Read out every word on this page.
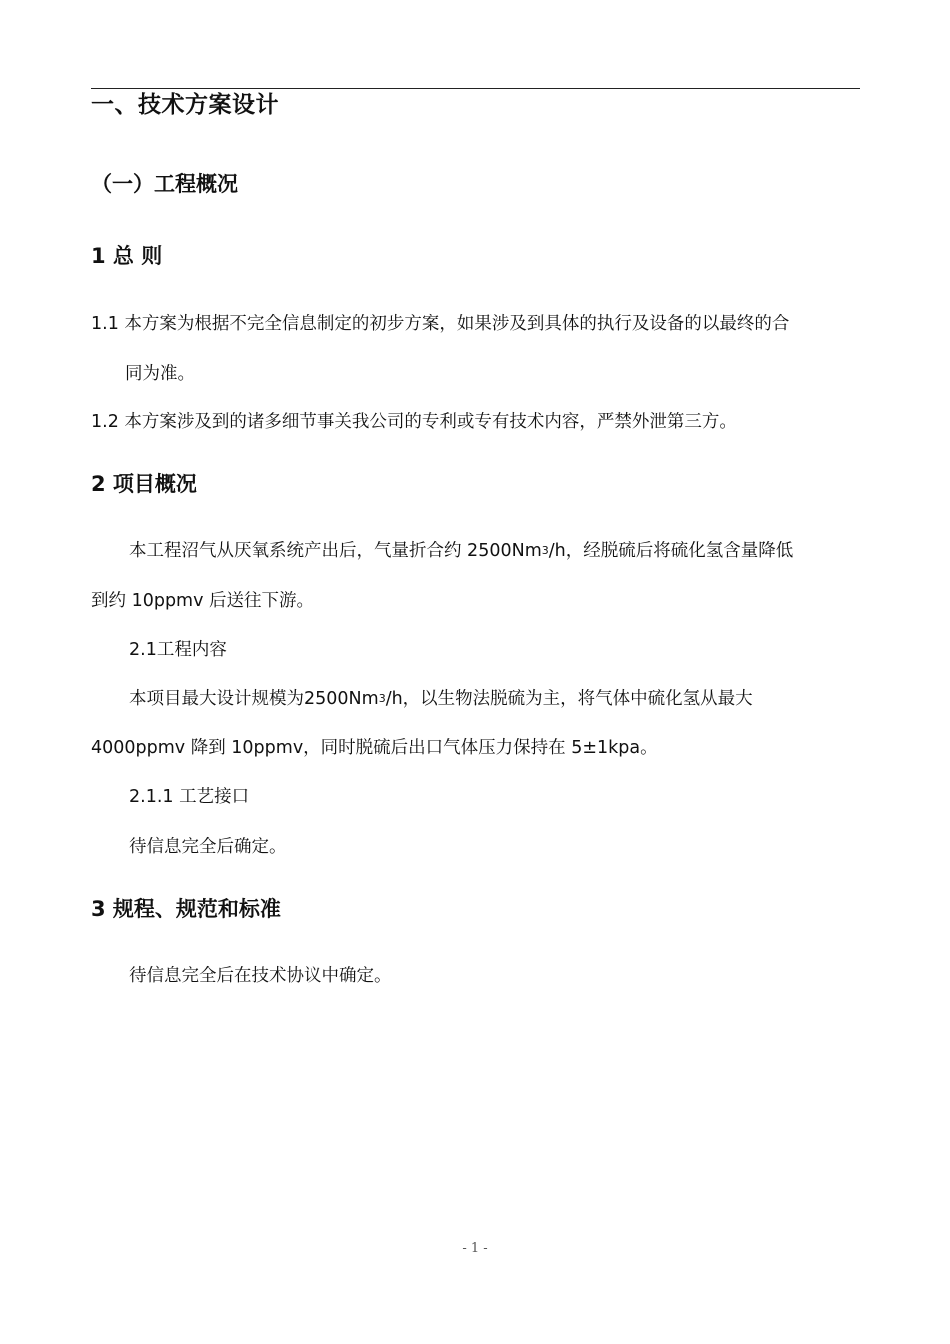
一、技术方案设计
（一）工程概况
1 总 则
1.1 本方案为根据不完全信息制定的初步方案，如果涉及到具体的执行及设备的以最终的合
同为准。
1.2 本方案涉及到的诸多细节事关我公司的专利或专有技术内容，严禁外泄第三方。
2 项目概况
本工程沼气从厌氧系统产出后，气量折合约 2500Nm3/h，经脱硫后将硫化氢含量降低
到约 10ppmv 后送往下游。
2.1工程内容
本项目最大设计规模为2500Nm3/h，以生物法脱硫为主，将气体中硫化氢从最大
4000ppmv 降到 10ppmv，同时脱硫后出口气体压力保持在 5±1kpa。
2.1.1 工艺接口
待信息完全后确定。
3 规程、规范和标准
待信息完全后在技术协议中确定。
- 1 -
